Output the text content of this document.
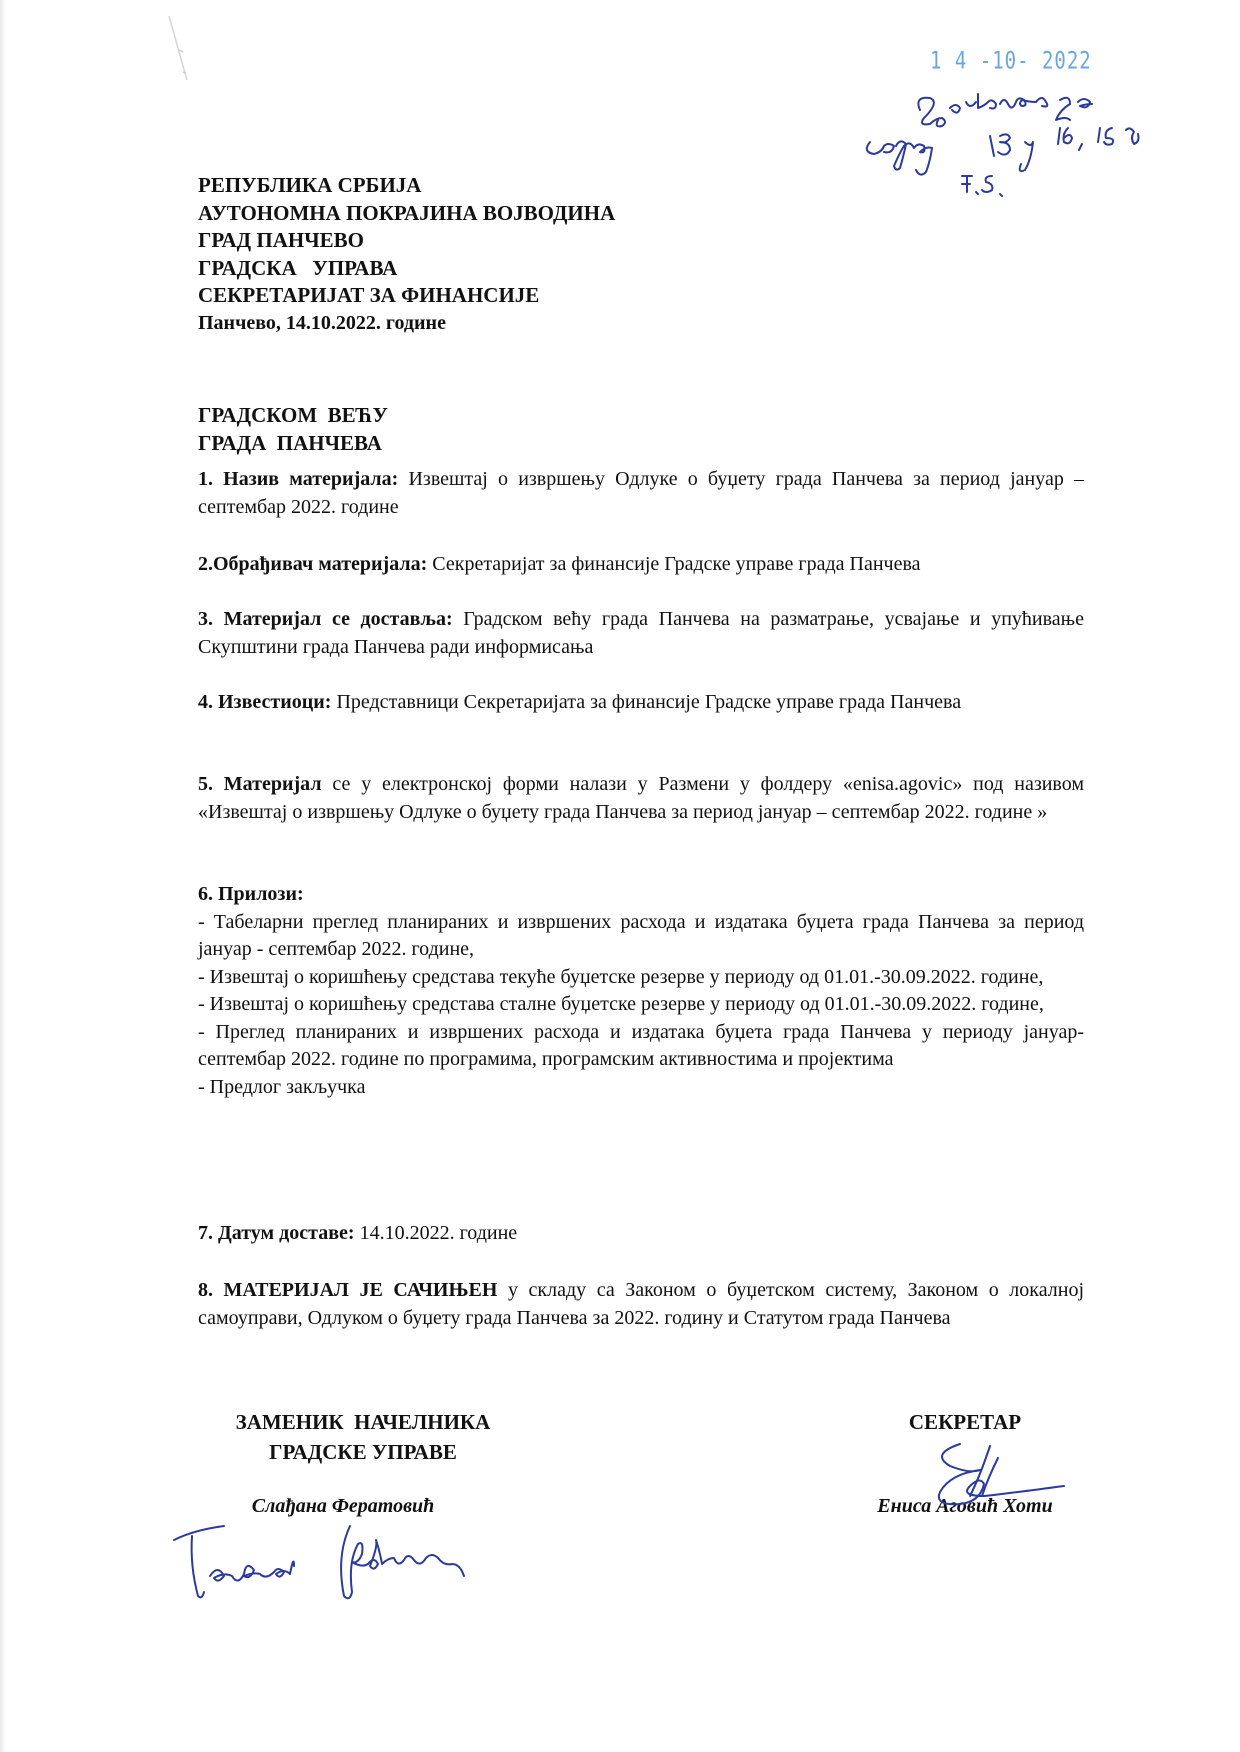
1 4 -10- 2022
РЕПУБЛИКА СРБИЈА
АУТОНОМНА ПОКРАЈИНА ВОЈВОДИНА
ГРАД ПАНЧЕВО
ГРАДСКА   УПРАВА
СЕКРЕТАРИЈАТ ЗА ФИНАНСИЈЕ
Панчево, 14.10.2022. године
ГРАДСКОМ  ВЕЋУ
ГРАДА  ПАНЧЕВА
1. Назив материјала: Извештај о извршењу Одлуке о буџету града Панчева за период јануар – септембар 2022. године
2.Обрађивач материјала: Секретаријат за финансије Градске управе града Панчева
3. Материјал се доставља: Градском већу града Панчева на разматрање, усвајање и упућивање Скупштини града Панчева ради информисања
4. Известиоци: Представници Секретаријата за финансије Градске управе града Панчева
5. Материјал се у електронској форми налази у Размени у фолдеру «enisa.agovic» под називом «Извештај о извршењу Одлуке о буџету града Панчева за период јануар – септембар 2022. године »
6. Прилози:
- Табеларни преглед планираних и извршених расхода и издатака буџета града Панчева за период јануар - септембар 2022. године,
- Извештај о коришћењу средстава текуће буџетске резерве у периоду од 01.01.-30.09.2022. године,
- Извештај о коришћењу средстава сталне буџетске резерве у периоду од 01.01.-30.09.2022. године,
- Преглед планираних и извршених расхода и издатака буџета града Панчева у периоду јануар- септембар 2022. године по програмима, програмским активностима и пројектима
- Предлог закључка
7. Датум доставе: 14.10.2022. године
8. МАТЕРИЈАЛ ЈЕ САЧИЊЕН у складу са Законом о буџетском систему, Законом о локалној самоуправи, Одлуком о буџету града Панчева за 2022. годину и Статутом града Панчева
ЗАМЕНИК  НАЧЕЛНИКА
ГРАДСКЕ УПРАВЕ
Слађана Фератовић
СЕКРЕТАР
Ениса Аговић Хоти
